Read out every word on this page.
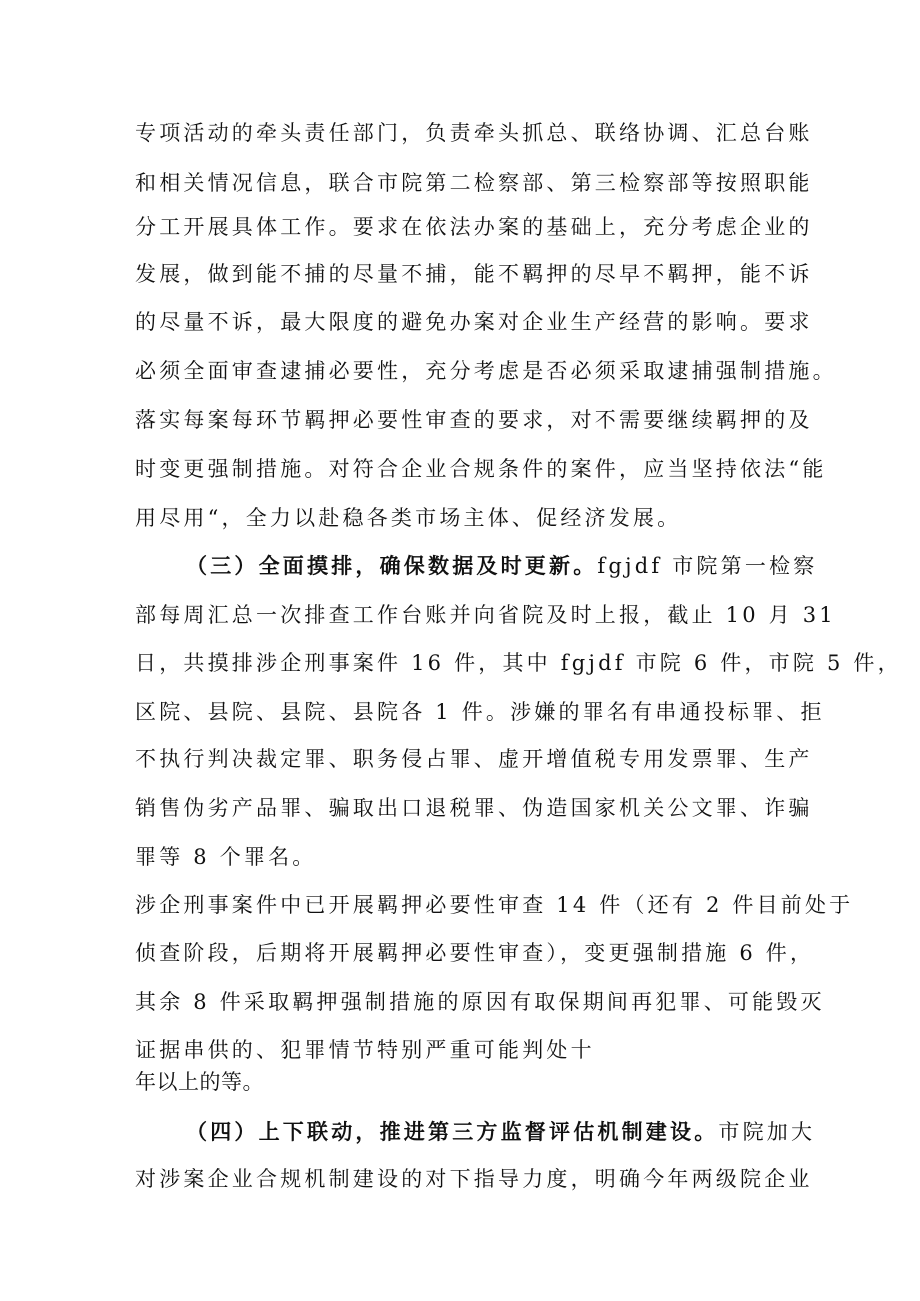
专项活动的牵头责任部门，负责牵头抓总、联络协调、汇总台账
和相关情况信息，联合市院第二检察部、第三检察部等按照职能
分工开展具体工作。要求在依法办案的基础上，充分考虑企业的
发展，做到能不捕的尽量不捕，能不羁押的尽早不羁押，能不诉
的尽量不诉，最大限度的避免办案对企业生产经营的影响。要求
必须全面审查逮捕必要性，充分考虑是否必须采取逮捕强制措施。
落实每案每环节羁押必要性审查的要求，对不需要继续羁押的及
时变更强制措施。对符合企业合规条件的案件，应当坚持依法“能
用尽用“，全力以赴稳各类市场主体、促经济发展。
（三）全面摸排，确保数据及时更新。fgjdf 市院第一检察
部每周汇总一次排查工作台账并向省院及时上报，截止 10 月 31
日，共摸排涉企刑事案件 16 件，其中 fgjdf 市院 6 件，市院 5 件，
区院、县院、县院、县院各 1 件。涉嫌的罪名有串通投标罪、拒
不执行判决裁定罪、职务侵占罪、虚开增值税专用发票罪、生产
销售伪劣产品罪、骗取出口退税罪、伪造国家机关公文罪、诈骗
罪等 8 个罪名。
涉企刑事案件中已开展羁押必要性审查 14 件（还有 2 件目前处于
侦查阶段，后期将开展羁押必要性审查），变更强制措施 6 件，
其余 8 件采取羁押强制措施的原因有取保期间再犯罪、可能毁灭
证据串供的、犯罪情节特别严重可能判处十
年以上的等。
（四）上下联动，推进第三方监督评估机制建设。市院加大
对涉案企业合规机制建设的对下指导力度，明确今年两级院企业
